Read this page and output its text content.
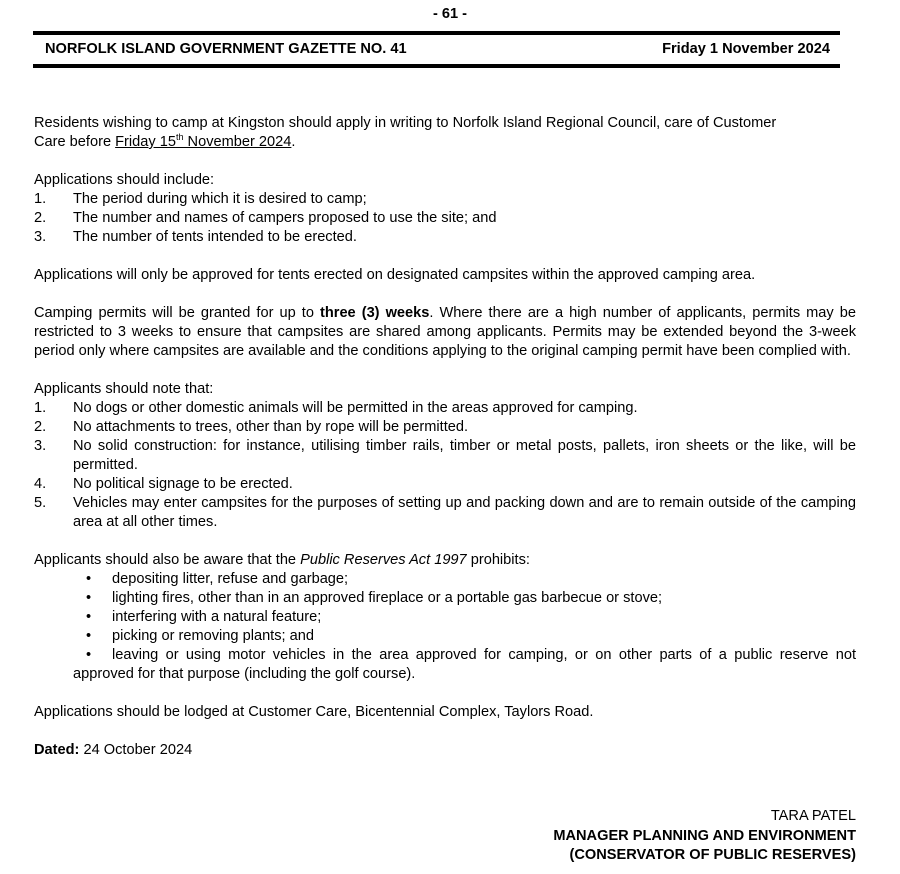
- 61 -
NORFOLK ISLAND GOVERNMENT GAZETTE NO. 41	Friday 1 November 2024

Residents wishing to camp at Kingston should apply in writing to Norfolk Island Regional Council, care of Customer
Care before Friday 15th November 2024.

Applications should include:

1. The period during which it is desired to camp;
2. The number and names of campers proposed to use the site; and
3. The number of tents intended to be erected.

Applications will only be approved for tents erected on designated campsites within the approved camping area.

Camping permits will be granted for up to three (3) weeks. Where there are a high number of applicants, permits may be restricted to 3 weeks to ensure that campsites are shared among applicants. Permits may be extended beyond the 3-week period only where campsites are available and the conditions applying to the original camping permit have been complied with.

Applicants should note that:

1. No dogs or other domestic animals will be permitted in the areas approved for camping.
2. No attachments to trees, other than by rope will be permitted.
3. No solid construction: for instance, utilising timber rails, timber or metal posts, pallets, iron sheets or the like, will be permitted.
4. No political signage to be erected.
5. Vehicles may enter campsites for the purposes of setting up and packing down and are to remain outside of the camping area at all other times.

Applicants should also be aware that the Public Reserves Act 1997 prohibits:

• depositing litter, refuse and garbage;
• lighting fires, other than in an approved fireplace or a portable gas barbecue or stove;
• interfering with a natural feature;
• picking or removing plants; and
• leaving or using motor vehicles in the area approved for camping, or on other parts of a public reserve not approved for that purpose (including the golf course).

Applications should be lodged at Customer Care, Bicentennial Complex, Taylors Road.

Dated: 24 October 2024

TARA PATEL
MANAGER PLANNING AND ENVIRONMENT
(CONSERVATOR OF PUBLIC RESERVES)
